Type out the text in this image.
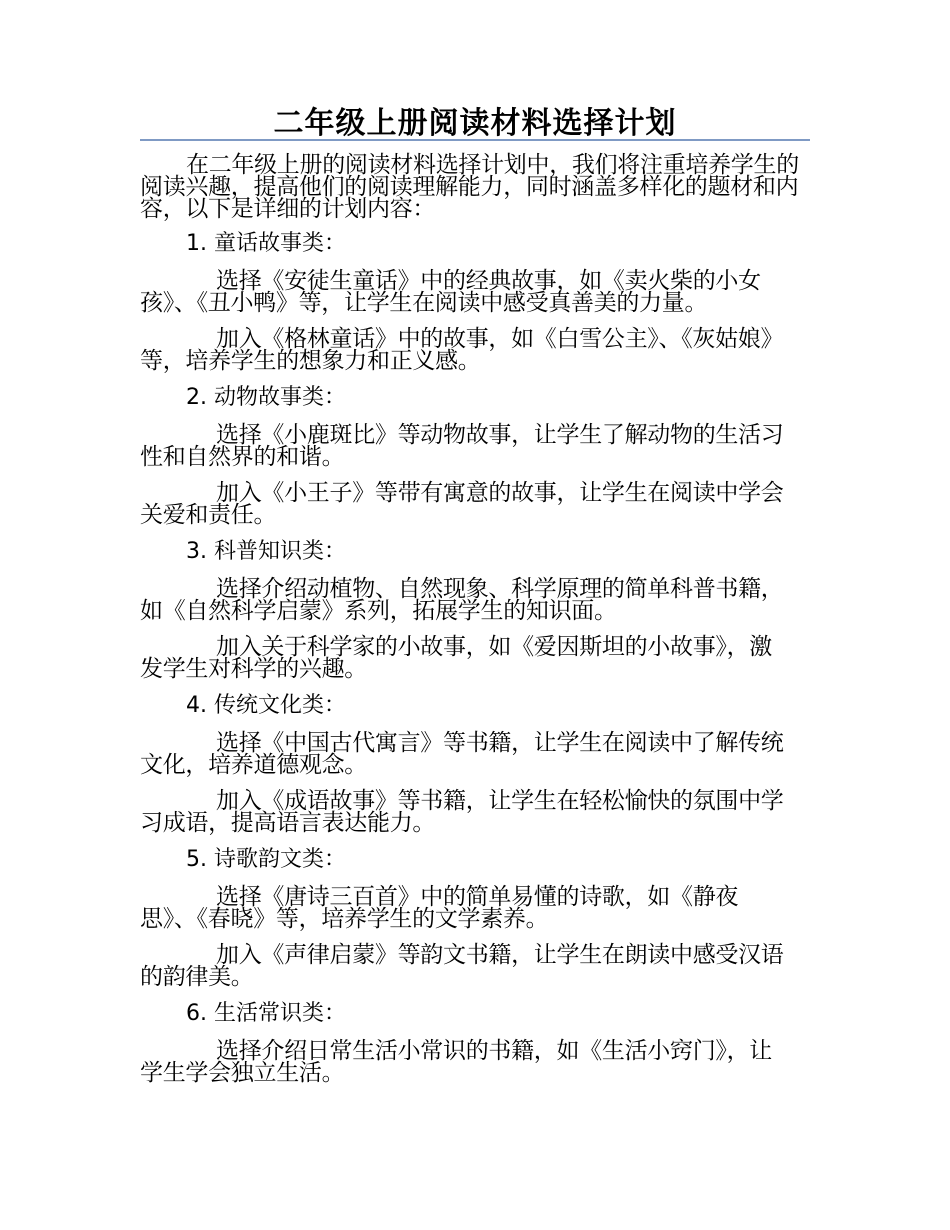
二年级上册阅读材料选择计划

在二年级上册的阅读材料选择计划中，我们将注重培养学生的阅读兴趣，提高他们的阅读理解能力，同时涵盖多样化的题材和内容，以下是详细的计划内容：

1. 童话故事类：

选择《安徒生童话》中的经典故事，如《卖火柴的小女孩》、《丑小鸭》等，让学生在阅读中感受真善美的力量。

加入《格林童话》中的故事，如《白雪公主》、《灰姑娘》等，培养学生的想象力和正义感。

2. 动物故事类：

选择《小鹿斑比》等动物故事，让学生了解动物的生活习性和自然界的和谐。

加入《小王子》等带有寓意的故事，让学生在阅读中学会关爱和责任。

3. 科普知识类：

选择介绍动植物、自然现象、科学原理的简单科普书籍，如《自然科学启蒙》系列，拓展学生的知识面。

加入关于科学家的小故事，如《爱因斯坦的小故事》，激发学生对科学的兴趣。

4. 传统文化类：

选择《中国古代寓言》等书籍，让学生在阅读中了解传统文化，培养道德观念。

加入《成语故事》等书籍，让学生在轻松愉快的氛围中学习成语，提高语言表达能力。

5. 诗歌韵文类：

选择《唐诗三百首》中的简单易懂的诗歌，如《静夜思》、《春晓》等，培养学生的文学素养。

加入《声律启蒙》等韵文书籍，让学生在朗读中感受汉语的韵律美。

6. 生活常识类：

选择介绍日常生活小常识的书籍，如《生活小窍门》，让学生学会独立生活。
